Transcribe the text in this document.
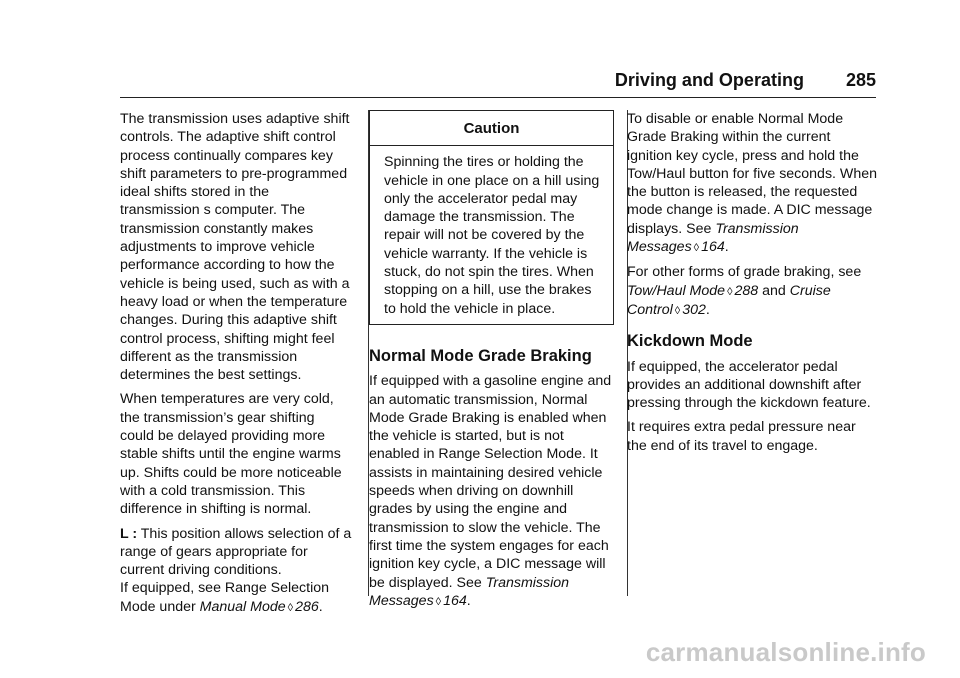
Driving and Operating 285

The transmission uses adaptive shift controls. The adaptive shift control process continually compares key shift parameters to pre-programmed ideal shifts stored in the transmission s computer. The transmission constantly makes adjustments to improve vehicle performance according to how the vehicle is being used, such as with a heavy load or when the temperature changes. During this adaptive shift control process, shifting might feel different as the transmission determines the best settings.

When temperatures are very cold, the transmission’s gear shifting could be delayed providing more stable shifts until the engine warms up. Shifts could be more noticeable with a cold transmission. This difference in shifting is normal.

L : This position allows selection of a range of gears appropriate for current driving conditions.
If equipped, see Range Selection Mode under Manual Mode ◊ 286.

Caution
Spinning the tires or holding the vehicle in one place on a hill using only the accelerator pedal may damage the transmission. The repair will not be covered by the vehicle warranty. If the vehicle is stuck, do not spin the tires. When stopping on a hill, use the brakes to hold the vehicle in place.
Normal Mode Grade Braking

If equipped with a gasoline engine and an automatic transmission, Normal Mode Grade Braking is enabled when the vehicle is started, but is not enabled in Range Selection Mode. It assists in maintaining desired vehicle speeds when driving on downhill grades by using the engine and transmission to slow the vehicle. The first time the system engages for each ignition key cycle, a DIC message will be displayed. See Transmission Messages ◊ 164.

To disable or enable Normal Mode Grade Braking within the current ignition key cycle, press and hold the Tow/Haul button for five seconds. When the button is released, the requested mode change is made. A DIC message displays. See Transmission Messages ◊ 164.

For other forms of grade braking, see Tow/Haul Mode ◊ 288 and Cruise Control ◊ 302.

Kickdown Mode

If equipped, the accelerator pedal provides an additional downshift after pressing through the kickdown feature.

It requires extra pedal pressure near the end of its travel to engage.

carmanualsonline.info
